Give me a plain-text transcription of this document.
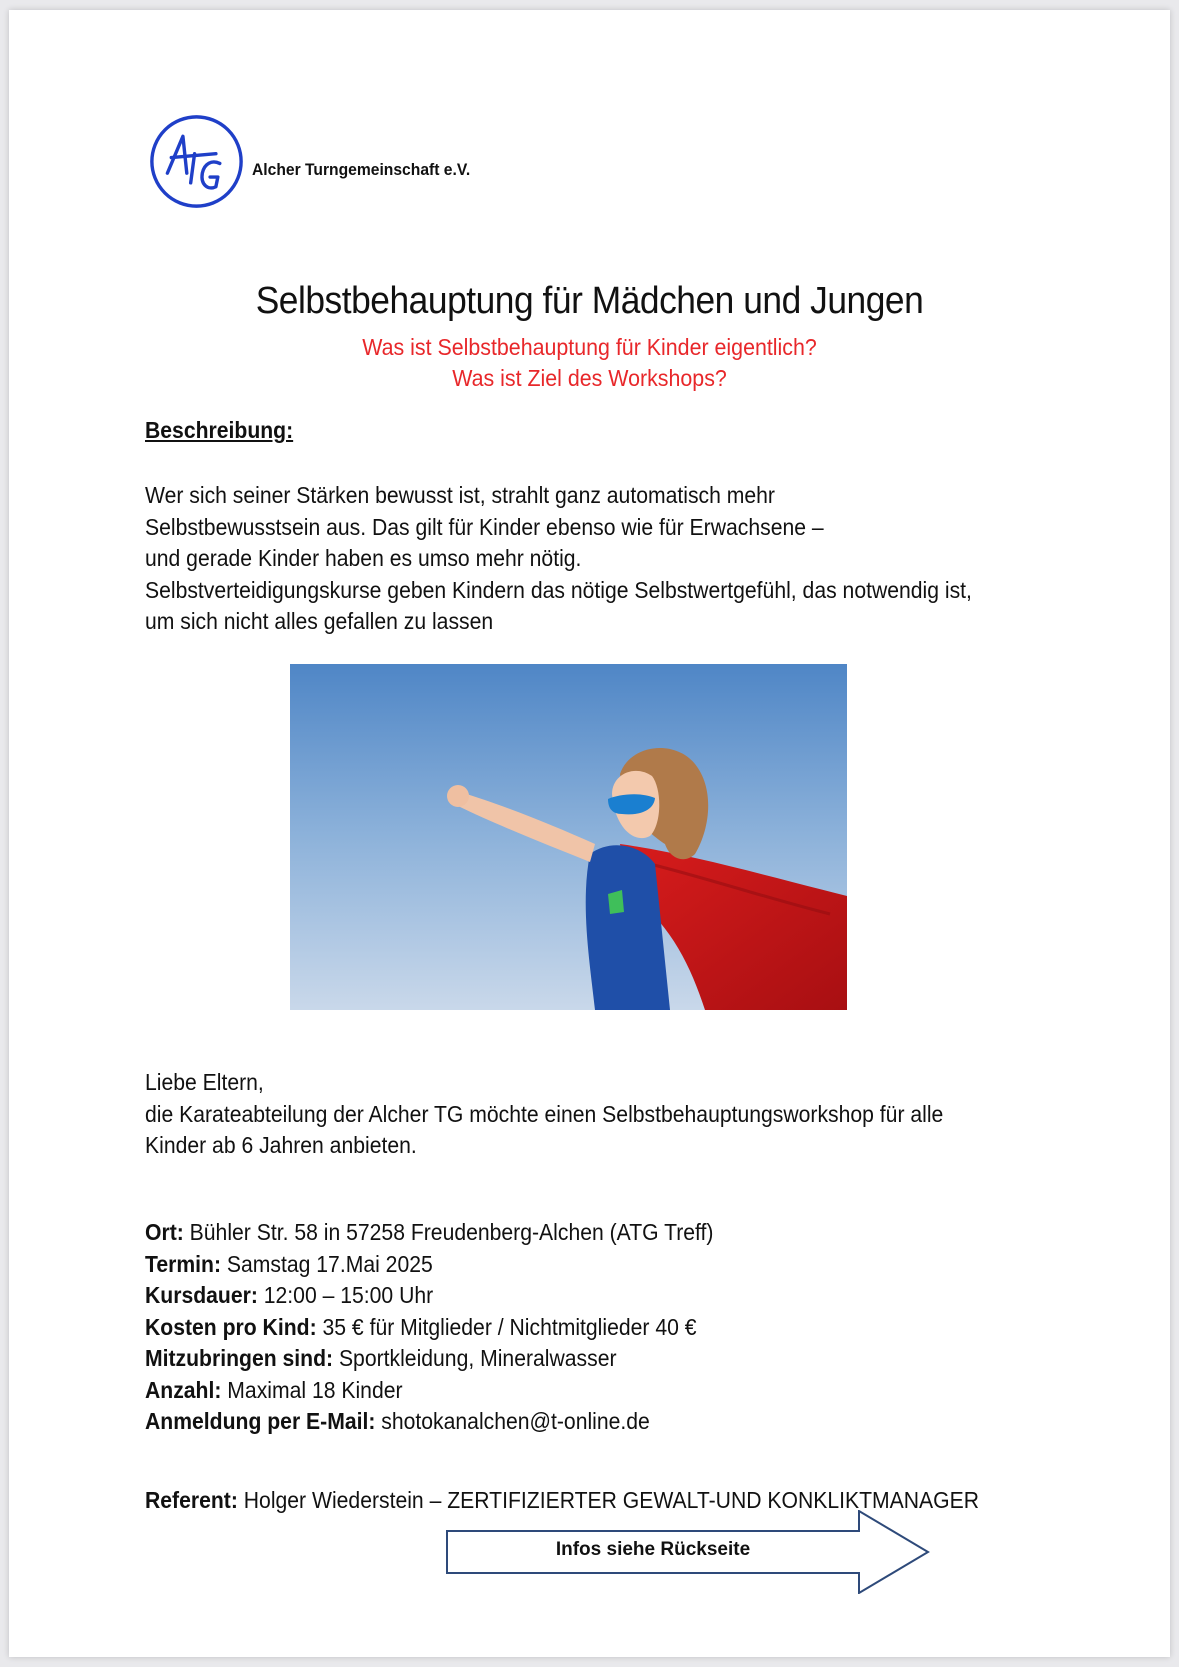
Alcher Turngemeinschaft e.V.
Selbstbehauptung für Mädchen und Jungen
Was ist Selbstbehauptung für Kinder eigentlich?
Was ist Ziel des Workshops?
Beschreibung:
Wer sich seiner Stärken bewusst ist, strahlt ganz automatisch mehr
Selbstbewusstsein aus. Das gilt für Kinder ebenso wie für Erwachsene –
und gerade Kinder haben es umso mehr nötig.
Selbstverteidigungskurse geben Kindern das nötige Selbstwertgefühl, das notwendig ist,
um sich nicht alles gefallen zu lassen
Liebe Eltern,
die Karateabteilung der Alcher TG möchte einen Selbstbehauptungsworkshop für alle
Kinder ab 6 Jahren anbieten.
Ort: Bühler Str. 58 in 57258 Freudenberg-Alchen (ATG Treff)
Termin: Samstag 17.Mai 2025
Kursdauer: 12:00 – 15:00 Uhr
Kosten pro Kind: 35 € für Mitglieder / Nichtmitglieder 40 €
Mitzubringen sind: Sportkleidung, Mineralwasser
Anzahl: Maximal 18 Kinder
Anmeldung per E-Mail: shotokanalchen@t-online.de
Referent: Holger Wiederstein – ZERTIFIZIERTER GEWALT-UND KONKLIKTMANAGER
Infos siehe Rückseite
